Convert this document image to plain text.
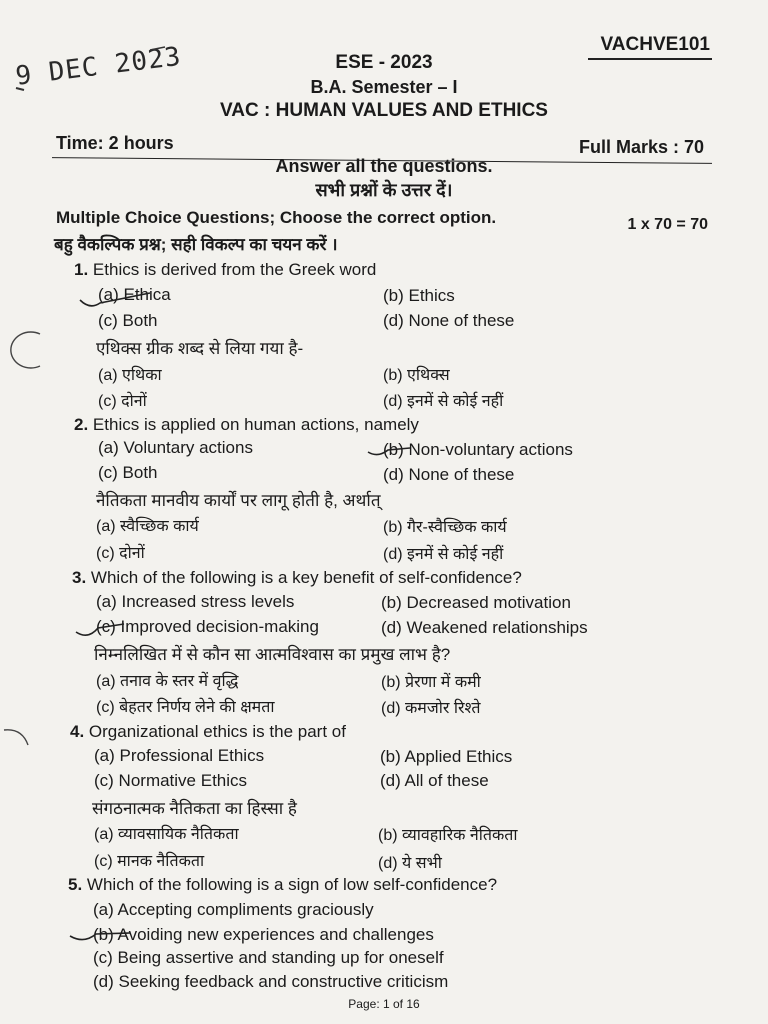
VACHVE101
9 DEC 2023	ESE - 2023
B.A. Semester – I
VAC : HUMAN VALUES AND ETHICS
Time: 2 hours	Full Marks : 70
Answer all the questions.
सभी प्रश्नों के उत्तर दें।
Multiple Choice Questions; Choose the correct option.	1 x 70 = 70
बहु वैकल्पिक प्रश्न; सही विकल्प का चयन करें ।
1. Ethics is derived from the Greek word
(a) Ethica	(b) Ethics
(c) Both	(d) None of these
एथिक्स ग्रीक शब्द से लिया गया है-
(a) एथिका	(b) एथिक्स
(c) दोनों	(d) इनमें से कोई नहीं
2. Ethics is applied on human actions, namely
(a) Voluntary actions	(b) Non-voluntary actions
(c) Both	(d) None of these
नैतिकता मानवीय कार्यों पर लागू होती है, अर्थात्
(a) स्वैच्छिक कार्य	(b) गैर-स्वैच्छिक कार्य
(c) दोनों	(d) इनमें से कोई नहीं
3. Which of the following is a key benefit of self-confidence?
(a) Increased stress levels	(b) Decreased motivation
(c) Improved decision-making	(d) Weakened relationships
निम्नलिखित में से कौन सा आत्मविश्वास का प्रमुख लाभ है?
(a) तनाव के स्तर में वृद्धि	(b) प्रेरणा में कमी
(c) बेहतर निर्णय लेने की क्षमता	(d) कमजोर रिश्ते
4. Organizational ethics is the part of
(a) Professional Ethics	(b) Applied Ethics
(c) Normative Ethics	(d) All of these
संगठनात्मक नैतिकता का हिस्सा है
(a) व्यावसायिक नैतिकता	(b) व्यावहारिक नैतिकता
(c) मानक नैतिकता	(d) ये सभी
5. Which of the following is a sign of low self-confidence?
(a) Accepting compliments graciously
(b) Avoiding new experiences and challenges
(c) Being assertive and standing up for oneself
(d) Seeking feedback and constructive criticism
Page: 1 of 16
